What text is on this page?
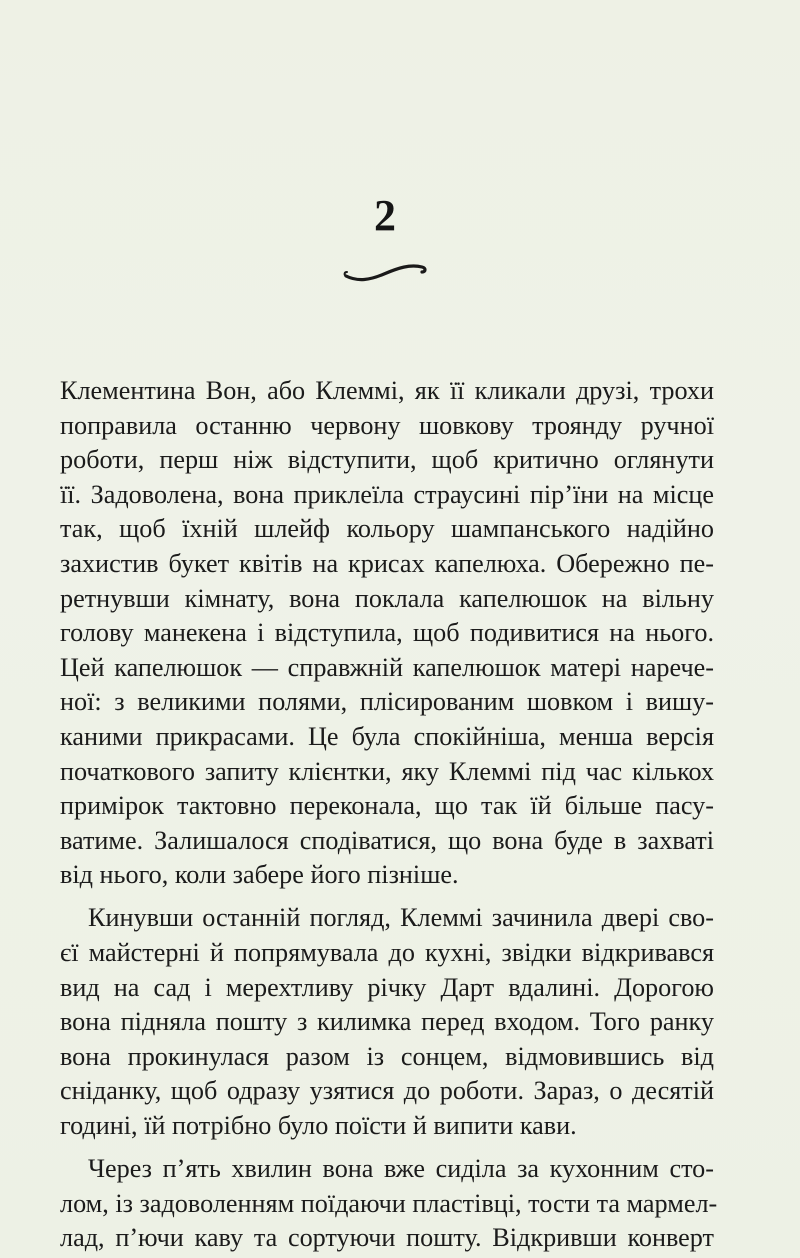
2

Клементина Вон, або Клеммі, як її кликали друзі, трохи
поправила останню червону шовкову троянду ручної
роботи, перш ніж відступити, щоб критично оглянути
її. Задоволена, вона приклеїла страусині пір’їни на місце
так, щоб їхній шлейф кольору шампанського надійно
захистив букет квітів на крисах капелюха. Обережно пе-
ретнувши кімнату, вона поклала капелюшок на вільну
голову манекена і відступила, щоб подивитися на нього.
Цей капелюшок — справжній капелюшок матері нарече-
ної: з великими полями, плісированим шовком і вишу-
каними прикрасами. Це була спокійніша, менша версія
початкового запиту клієнтки, яку Клеммі під час кількох
примірок тактовно переконала, що так їй більше пасу-
ватиме. Залишалося сподіватися, що вона буде в захваті
від нього, коли забере його пізніше.

Кинувши останній погляд, Клеммі зачинила двері сво-
єї майстерні й попрямувала до кухні, звідки відкривався
вид на сад і мерехтливу річку Дарт вдалині. Дорогою
вона підняла пошту з килимка перед входом. Того ранку
вона прокинулася разом із сонцем, відмовившись від
сніданку, щоб одразу узятися до роботи. Зараз, о десятій
годині, їй потрібно було поїсти й випити кави.

Через п’ять хвилин вона вже сиділа за кухонним сто-
лом, із задоволенням поїдаючи пластівці, тости та мармел-
лад, п’ючи каву та сортуючи пошту. Відкривши конверт
